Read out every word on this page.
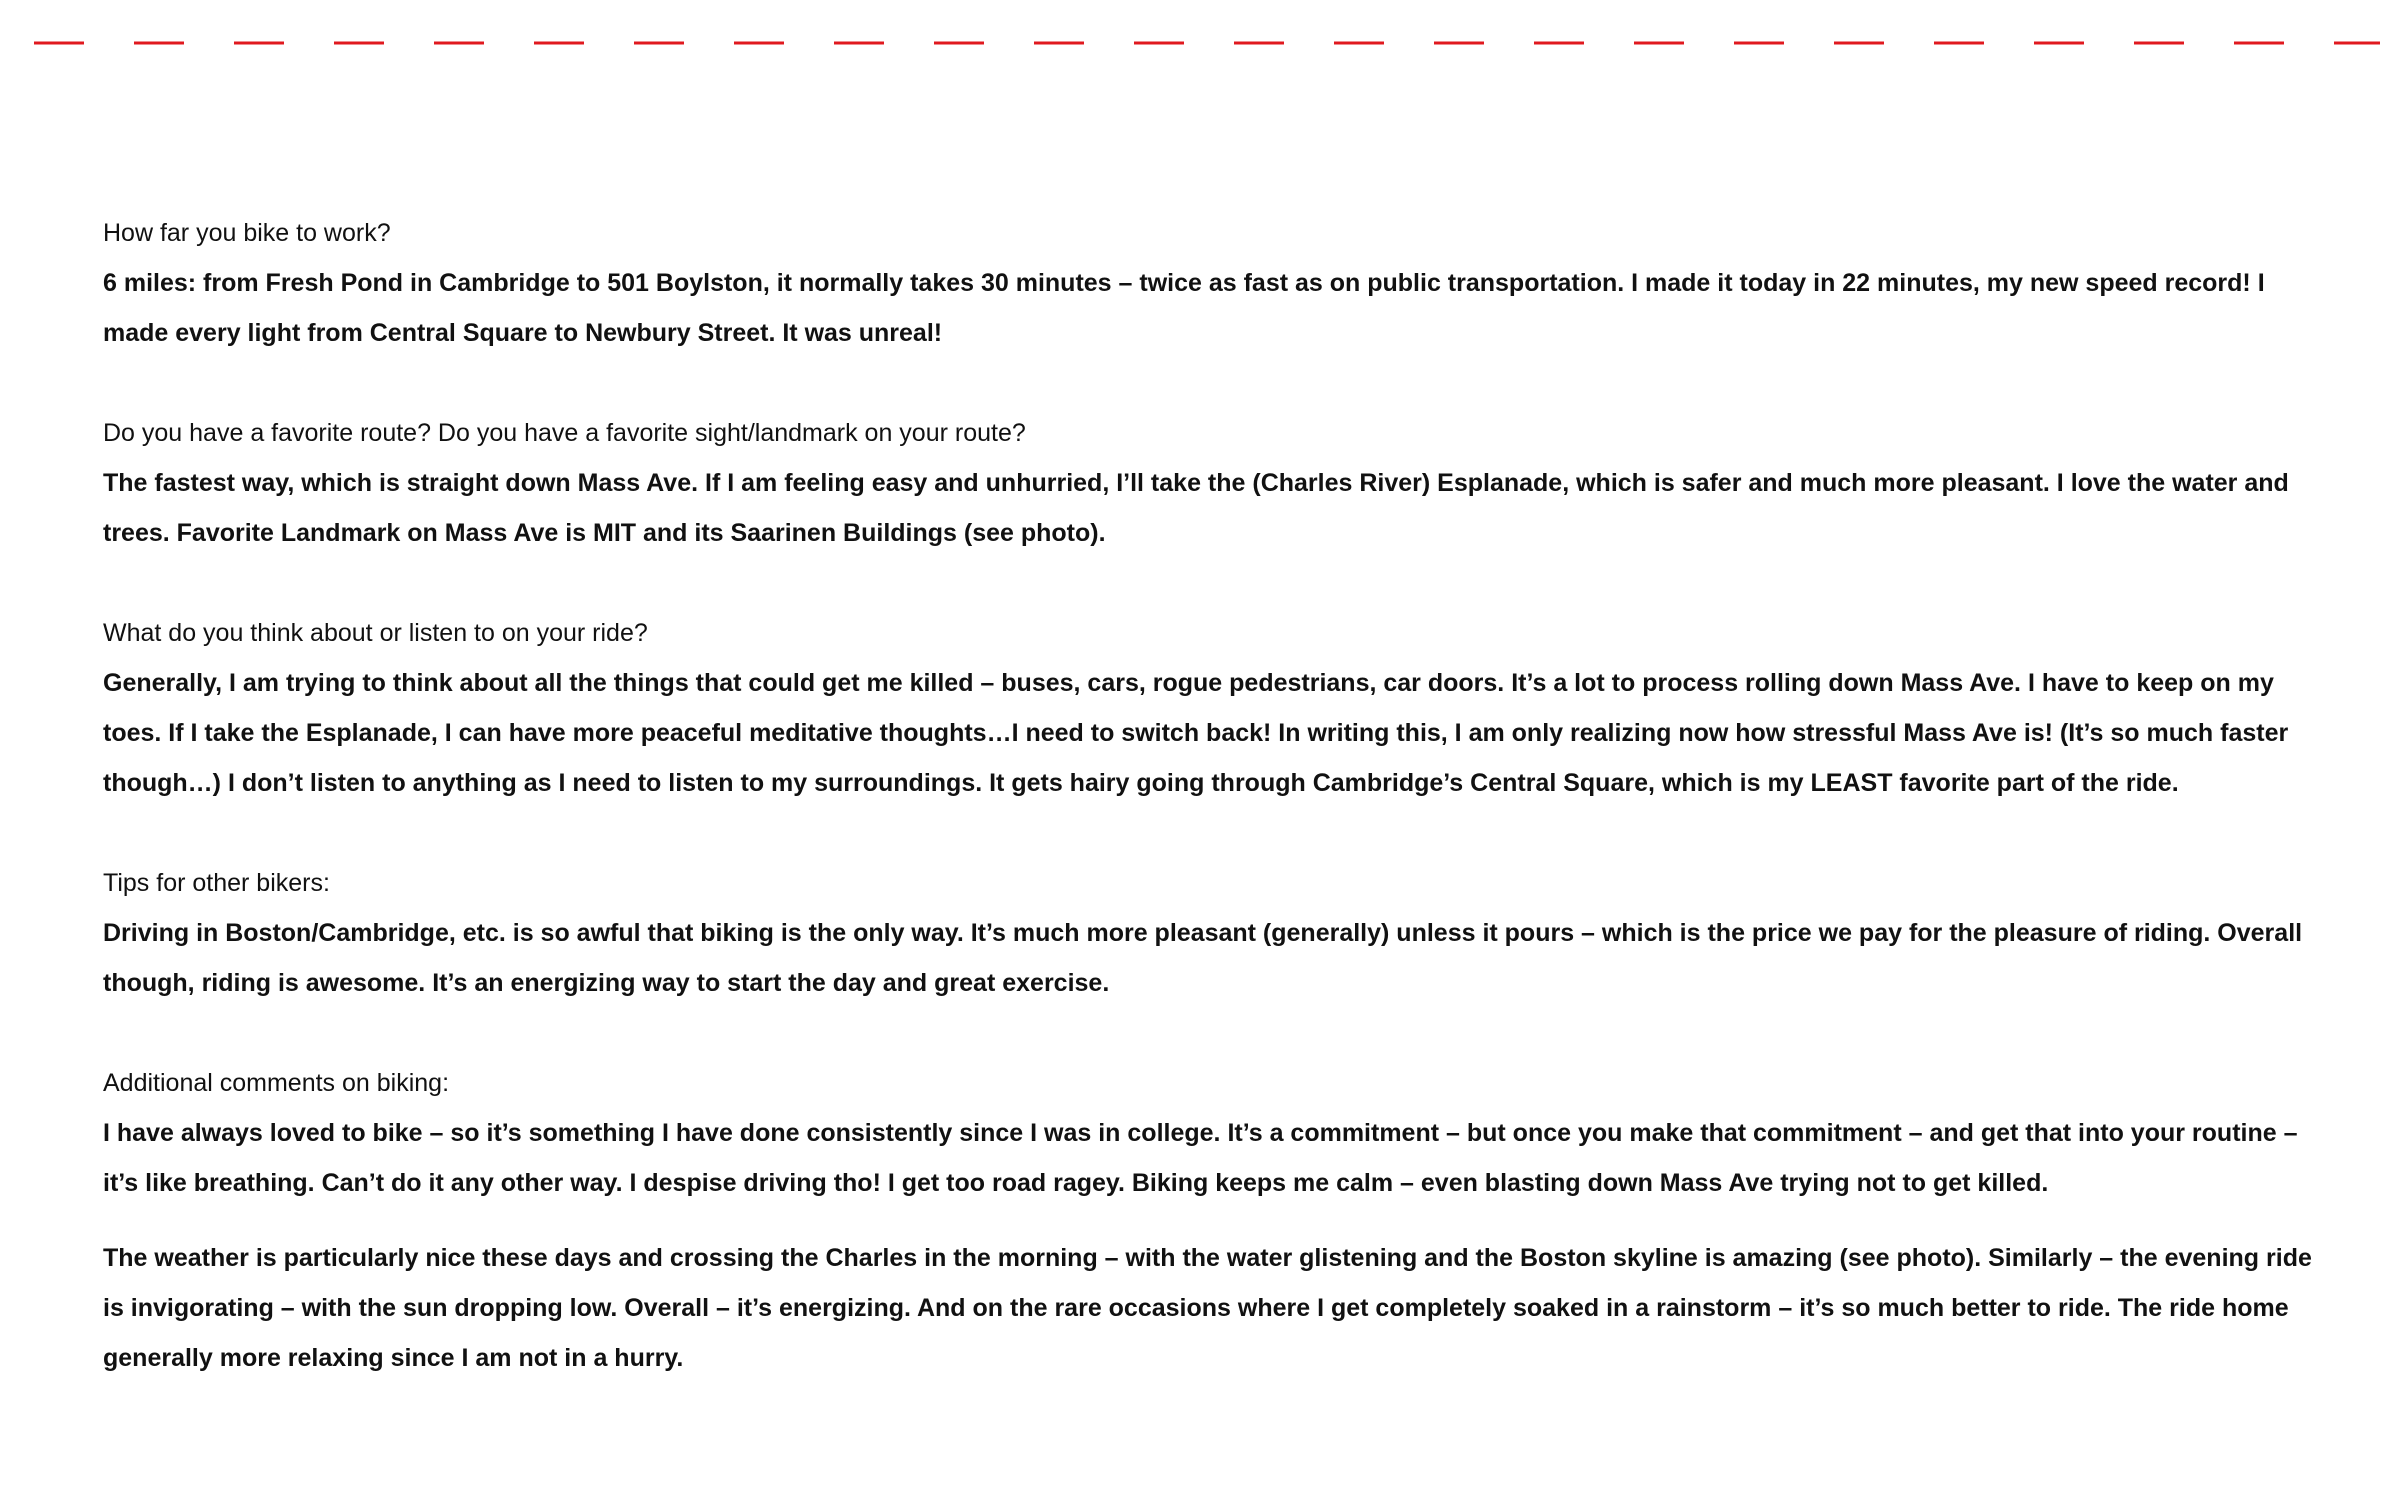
How far you bike to work?

6 miles: from Fresh Pond in Cambridge to 501 Boylston, it normally takes 30 minutes – twice as fast as on public transportation. I made it today in 22 minutes, my new speed record! I made every light from Central Square to Newbury Street. It was unreal!

Do you have a favorite route? Do you have a favorite sight/landmark on your route?

The fastest way, which is straight down Mass Ave. If I am feeling easy and unhurried, I’ll take the (Charles River) Esplanade, which is safer and much more pleasant. I love the water and trees. Favorite Landmark on Mass Ave is MIT and its Saarinen Buildings (see photo).

What do you think about or listen to on your ride?

Generally, I am trying to think about all the things that could get me killed – buses, cars, rogue pedestrians, car doors. It’s a lot to process rolling down Mass Ave. I have to keep on my toes. If I take the Esplanade, I can have more peaceful meditative thoughts…I need to switch back! In writing this, I am only realizing now how stressful Mass Ave is! (It’s so much faster though…) I don’t listen to anything as I need to listen to my surroundings. It gets hairy going through Cambridge’s Central Square, which is my LEAST favorite part of the ride.

Tips for other bikers:

Driving in Boston/Cambridge, etc. is so awful that biking is the only way. It’s much more pleasant (generally) unless it pours – which is the price we pay for the pleasure of riding. Overall though, riding is awesome. It’s an energizing way to start the day and great exercise.

Additional comments on biking:

I have always loved to bike – so it’s something I have done consistently since I was in college. It’s a commitment – but once you make that commitment – and get that into your routine – it’s like breathing. Can’t do it any other way. I despise driving tho! I get too road ragey. Biking keeps me calm – even blasting down Mass Ave trying not to get killed.

The weather is particularly nice these days and crossing the Charles in the morning – with the water glistening and the Boston skyline is amazing (see photo). Similarly – the evening ride is invigorating – with the sun dropping low. Overall – it’s energizing. And on the rare occasions where I get completely soaked in a rainstorm – it’s so much better to ride. The ride home generally more relaxing since I am not in a hurry.
